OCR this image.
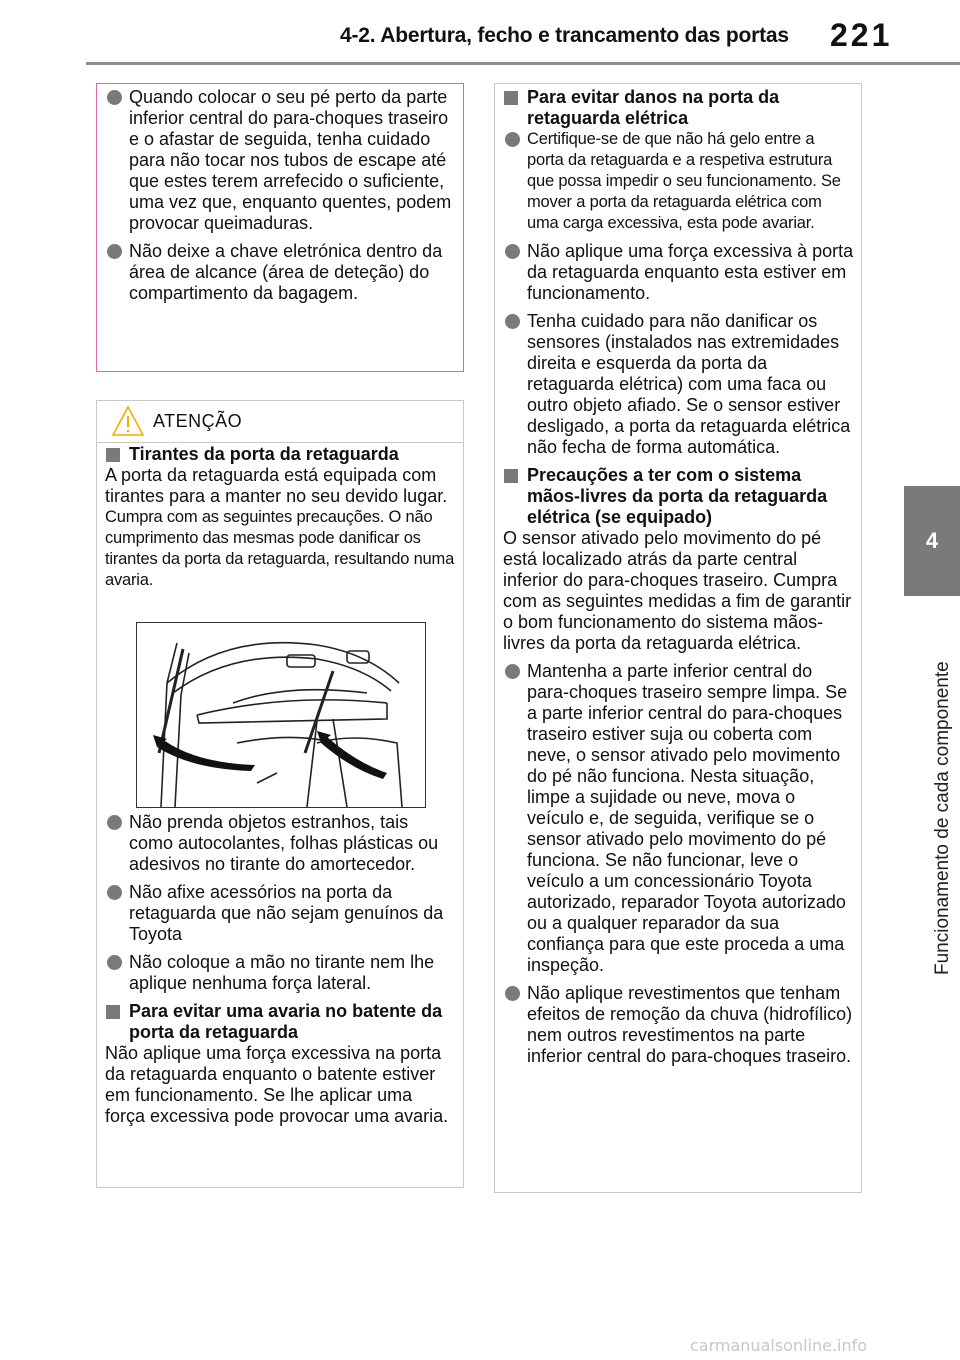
4-2. Abertura, fecho e trancamento das portas 221
4
Funcionamento de cada componente
Quando colocar o seu pé perto da parte inferior central do para-choques traseiro e o afastar de seguida, tenha cuidado para não tocar nos tubos de escape até que estes terem arrefecido o suficiente, uma vez que, enquanto quentes, podem provocar queimaduras.
Não deixe a chave eletrónica dentro da área de alcance (área de deteção) do compartimento da bagagem.
ATENÇÃO
Tirantes da porta da retaguarda
A porta da retaguarda está equipada com tirantes para a manter no seu devido lugar.
Cumpra com as seguintes precauções. O não cumprimento das mesmas pode danificar os tirantes da porta da retaguarda, resultando numa avaria.
Não prenda objetos estranhos, tais como autocolantes, folhas plásticas ou adesivos no tirante do amortecedor.
Não afixe acessórios na porta da retaguarda que não sejam genuínos da Toyota
Não coloque a mão no tirante nem lhe aplique nenhuma força lateral.
Para evitar uma avaria no batente da porta da retaguarda
Não aplique uma força excessiva na porta da retaguarda enquanto o batente estiver em funcionamento. Se lhe aplicar uma força excessiva pode provocar uma avaria.
Para evitar danos na porta da retaguarda elétrica
Certifique-se de que não há gelo entre a porta da retaguarda e a respetiva estrutura que possa impedir o seu funcionamento. Se mover a porta da retaguarda elétrica com uma carga excessiva, esta pode avariar.
Não aplique uma força excessiva à porta da retaguarda enquanto esta estiver em funcionamento.
Tenha cuidado para não danificar os sensores (instalados nas extremidades direita e esquerda da porta da retaguarda elétrica) com uma faca ou outro objeto afiado. Se o sensor estiver desligado, a porta da retaguarda elétrica não fecha de forma automática.
Precauções a ter com o sistema mãos-livres da porta da retaguarda elétrica (se equipado)
O sensor ativado pelo movimento do pé está localizado atrás da parte central inferior do para-choques traseiro. Cumpra com as seguintes medidas a fim de garantir o bom funcionamento do sistema mãos-livres da porta da retaguarda elétrica.
Mantenha a parte inferior central do para-choques traseiro sempre limpa. Se a parte inferior central do para-choques traseiro estiver suja ou coberta com neve, o sensor ativado pelo movimento do pé não funciona. Nesta situação, limpe a sujidade ou neve, mova o veículo e, de seguida, verifique se o sensor ativado pelo movimento do pé funciona. Se não funcionar, leve o veículo a um concessionário Toyota autorizado, reparador Toyota autorizado ou a qualquer reparador da sua confiança para que este proceda a uma inspeção.
Não aplique revestimentos que tenham efeitos de remoção da chuva (hidrofílico) nem outros revestimentos na parte inferior central do para-choques traseiro.
carmanualsonline.info
